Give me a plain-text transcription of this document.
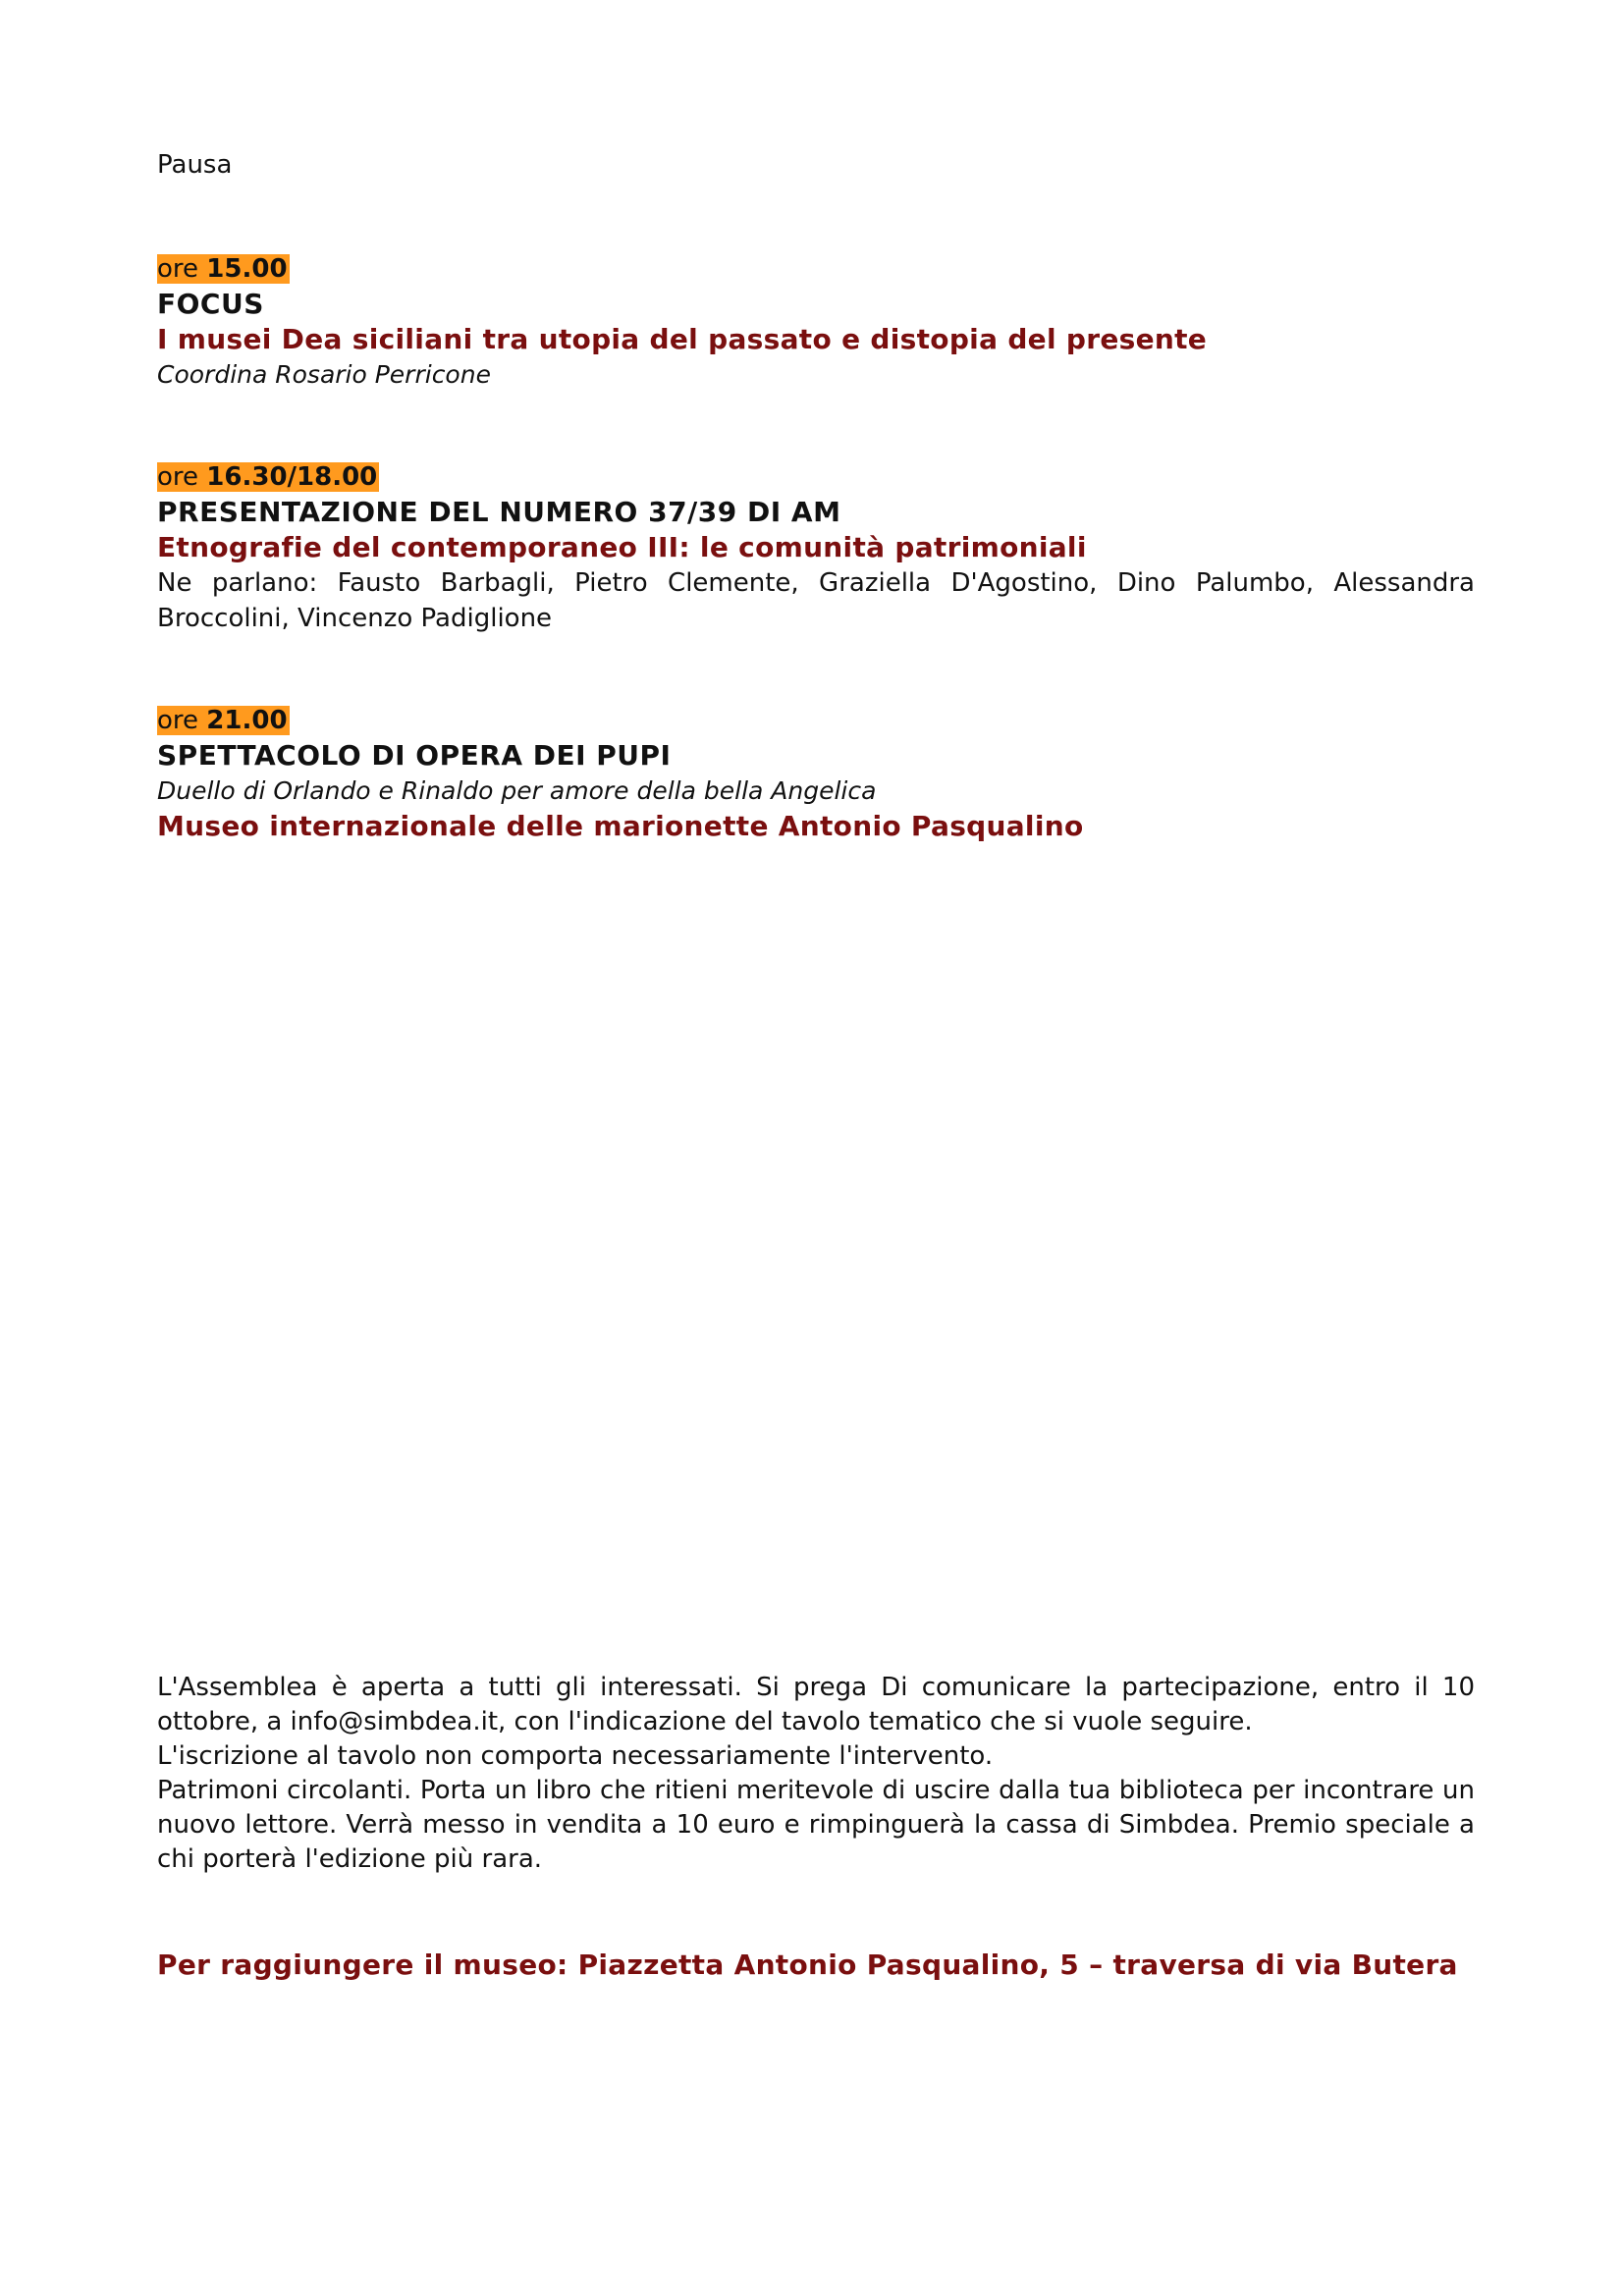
Pausa
ore 15.00
FOCUS
I musei Dea siciliani tra utopia del passato e distopia del presente
Coordina Rosario Perricone
ore 16.30/18.00
PRESENTAZIONE DEL NUMERO 37/39 DI AM
Etnografie del contemporaneo III: le comunità patrimoniali
Ne parlano: Fausto Barbagli, Pietro Clemente, Graziella D'Agostino, Dino Palumbo, Alessandra Broccolini, Vincenzo Padiglione
ore 21.00
SPETTACOLO DI OPERA DEI PUPI
Duello di Orlando e Rinaldo per amore della bella Angelica
Museo internazionale delle marionette Antonio Pasqualino
L'Assemblea è aperta a tutti gli interessati. Si prega Di comunicare la partecipazione, entro il 10 ottobre, a info@simbdea.it, con l'indicazione del tavolo tematico che si vuole seguire.
L'iscrizione al tavolo non comporta necessariamente l'intervento.
Patrimoni circolanti. Porta un libro che ritieni meritevole di uscire dalla tua biblioteca per incontrare un nuovo lettore. Verrà messo in vendita a 10 euro e rimpinguerà la cassa di Simbdea. Premio speciale a chi porterà l'edizione più rara.
Per raggiungere il museo: Piazzetta Antonio Pasqualino, 5 – traversa di via Butera
